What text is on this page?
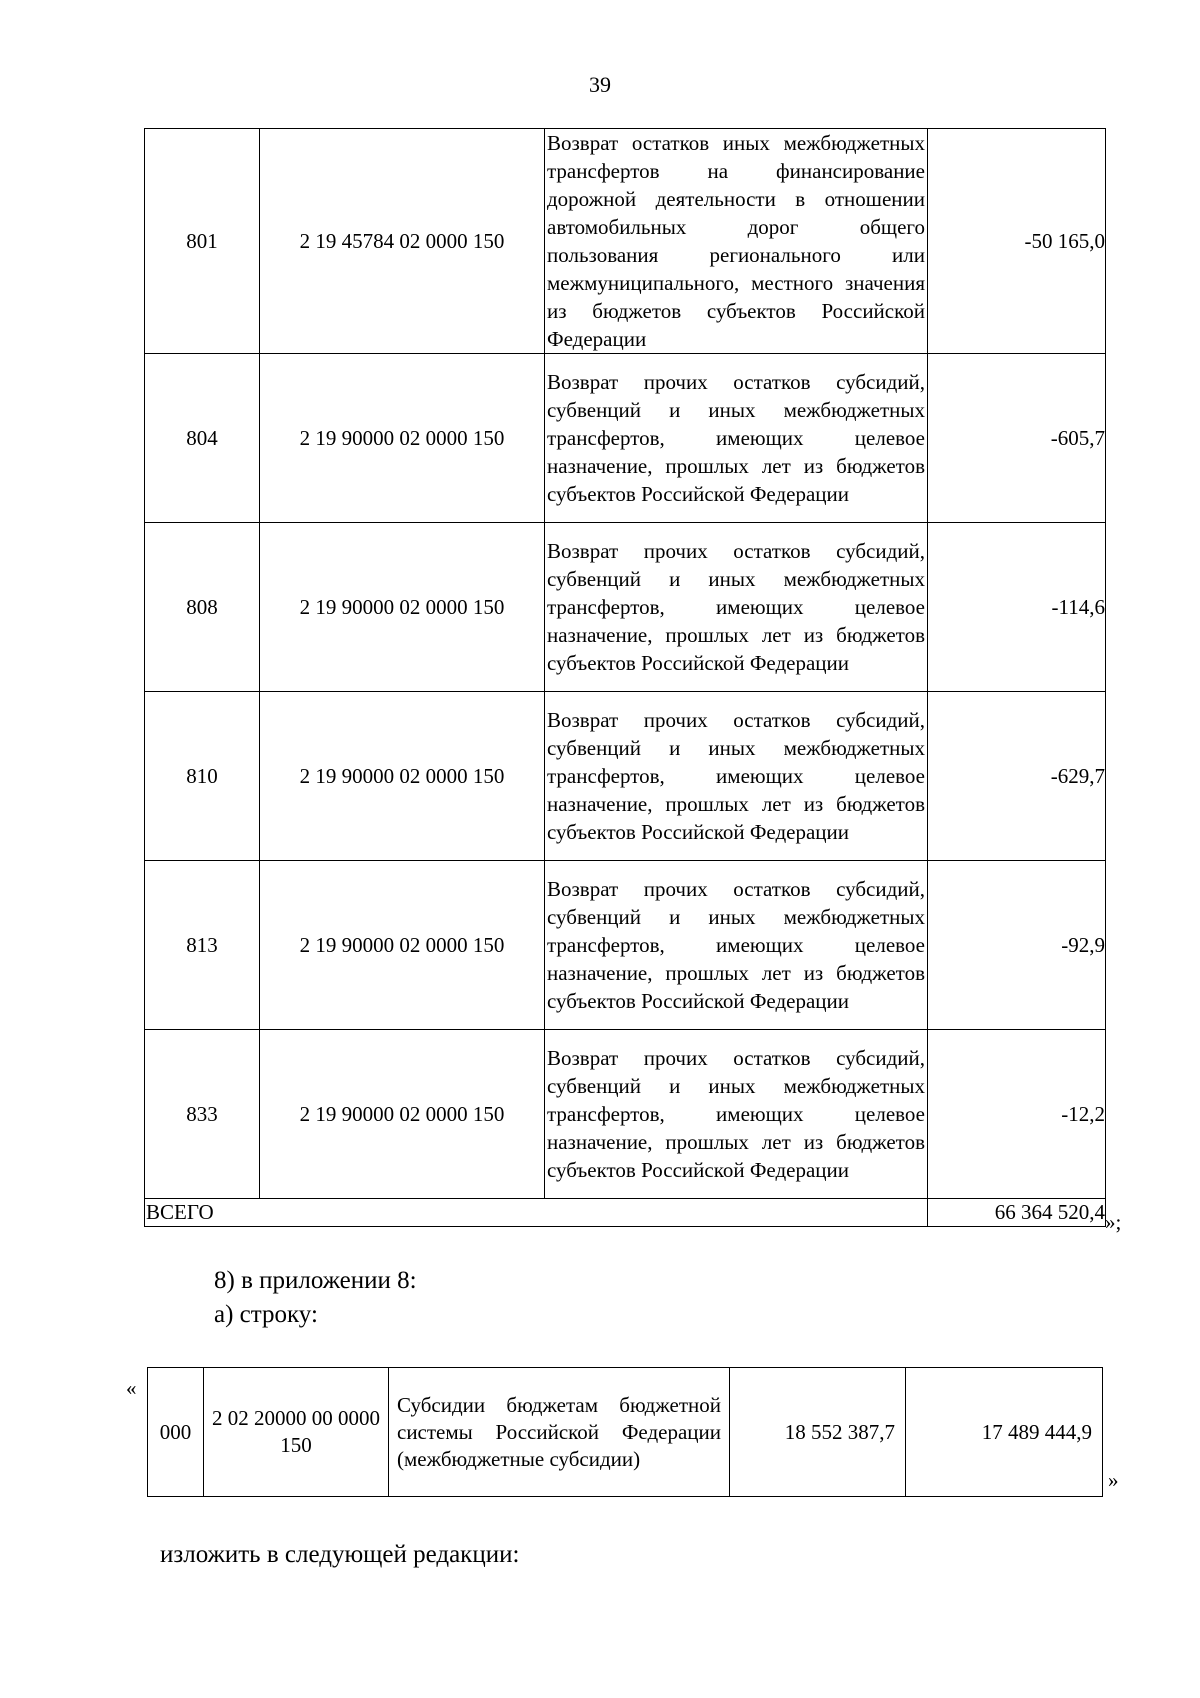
39
801	2 19 45784 02 0000 150	Возврат остатков иных межбюджетных трансфертов на финансирование дорожной деятельности в отношении автомобильных дорог общего пользования регионального или межмуниципального, местного значения из бюджетов субъектов Российской Федерации	-50 165,0
804	2 19 90000 02 0000 150	Возврат прочих остатков субсидий, субвенций и иных межбюджетных трансфертов, имеющих целевое назначение, прошлых лет из бюджетов субъектов Российской Федерации	-605,7
808	2 19 90000 02 0000 150	Возврат прочих остатков субсидий, субвенций и иных межбюджетных трансфертов, имеющих целевое назначение, прошлых лет из бюджетов субъектов Российской Федерации	-114,6
810	2 19 90000 02 0000 150	Возврат прочих остатков субсидий, субвенций и иных межбюджетных трансфертов, имеющих целевое назначение, прошлых лет из бюджетов субъектов Российской Федерации	-629,7
813	2 19 90000 02 0000 150	Возврат прочих остатков субсидий, субвенций и иных межбюджетных трансфертов, имеющих целевое назначение, прошлых лет из бюджетов субъектов Российской Федерации	-92,9
833	2 19 90000 02 0000 150	Возврат прочих остатков субсидий, субвенций и иных межбюджетных трансфертов, имеющих целевое назначение, прошлых лет из бюджетов субъектов Российской Федерации	-12,2
ВСЕГО			66 364 520,4 »;
8) в приложении 8:
а) строку:
«
000	2 02 20000 00 0000 150	Субсидии бюджетам бюджетной системы Российской Федерации (межбюджетные субсидии)	18 552 387,7	17 489 444,9
»
изложить в следующей редакции:
